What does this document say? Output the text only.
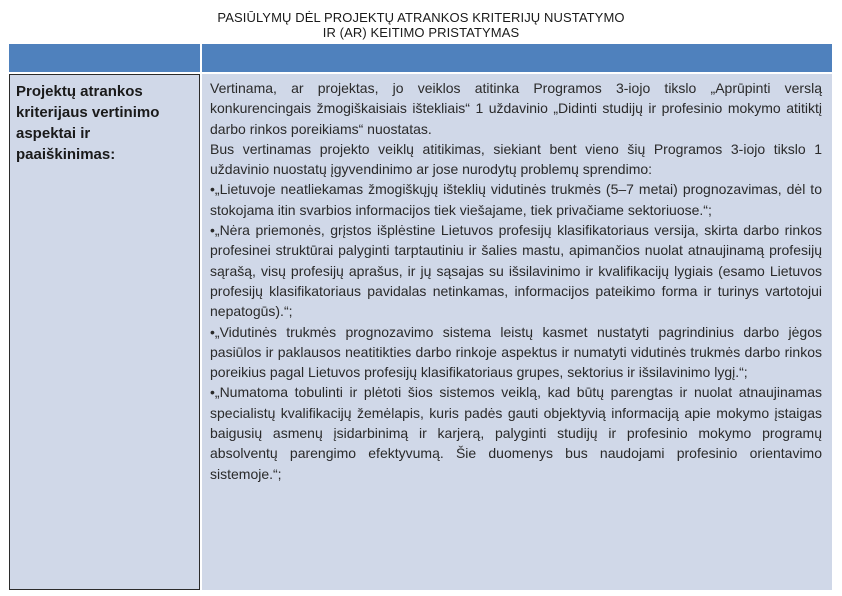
PASIŪLYMŲ DĖL PROJEKTŲ ATRANKOS KRITERIJŲ NUSTATYMO
IR (AR) KEITIMO PRISTATYMAS
Projektų atrankos kriterijaus vertinimo aspektai ir paaiškinimas:

Vertinama, ar projektas, jo veiklos atitinka Programos 3-iojo tikslo „Aprūpinti verslą konkurencingais žmogiškaisiais ištekliais“ 1 uždavinio „Didinti studijų ir profesinio mokymo atitiktį darbo rinkos poreikiams“ nuostatas.

Bus vertinamas projekto veiklų atitikimas, siekiant bent vieno šių Programos 3-iojo tikslo 1 uždavinio nuostatų įgyvendinimo ar jose nurodytų problemų sprendimo:

•„Lietuvoje neatliekamas žmogiškųjų išteklių vidutinės trukmės (5–7 metai) prognozavimas, dėl to stokojama itin svarbios informacijos tiek viešajame, tiek privačiame sektoriuose.“;

•„Nėra priemonės, grįstos išplėstine Lietuvos profesijų klasifikatoriaus versija, skirta darbo rinkos profesinei struktūrai palyginti tarptautiniu ir šalies mastu, apimančios nuolat atnaujinamą profesijų sąrašą, visų profesijų aprašus, ir jų sąsajas su išsilavinimo ir kvalifikacijų lygiais (esamo Lietuvos profesijų klasifikatoriaus pavidalas netinkamas, informacijos pateikimo forma ir turinys vartotojui nepatogūs).“;

•„Vidutinės trukmės prognozavimo sistema leistų kasmet nustatyti pagrindinius darbo jėgos pasiūlos ir paklausos neatitikties darbo rinkoje aspektus ir numatyti vidutinės trukmės darbo rinkos poreikius pagal Lietuvos profesijų klasifikatoriaus grupes, sektorius ir išsilavinimo lygį.“;

•„Numatoma tobulinti ir plėtoti šios sistemos veiklą, kad būtų parengtas ir nuolat atnaujinamas specialistų kvalifikacijų žemėlapis, kuris padės gauti objektyvią informaciją apie mokymo įstaigas baigusių asmenų įsidarbinimą ir karjerą, palyginti studijų ir profesinio mokymo programų absolventų parengimo efektyvumą. Šie duomenys bus naudojami profesinio orientavimo sistemoje.“;
